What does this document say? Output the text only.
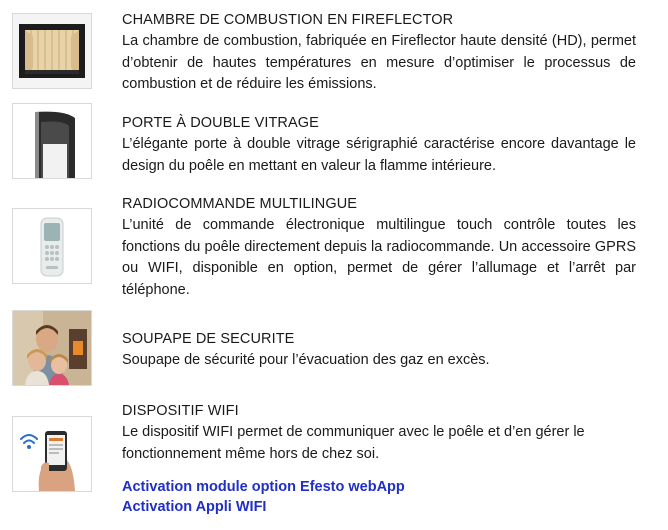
CHAMBRE DE COMBUSTION EN FIREFLECTOR
La chambre de combustion, fabriquée en Fireflector haute densité (HD), permet d’obtenir de hautes températures en mesure d’optimiser le processus de combustion et de réduire les émissions.
PORTE À DOUBLE VITRAGE
L’élégante porte à double vitrage sérigraphié caractérise encore davantage le design du poêle en mettant en valeur la flamme intérieure.
RADIOCOMMANDE MULTILINGUE
L’unité de commande électronique multilingue touch contrôle toutes les fonctions du poêle directement depuis la radiocommande. Un accessoire GPRS ou WIFI, disponible en option, permet de gérer l’allumage et l’arrêt par téléphone.
SOUPAPE DE SECURITE
Soupape de sécurité pour l’évacuation des gaz en excès.
DISPOSITIF WIFI
Le dispositif WIFI permet de communiquer avec le poêle et d’en gérer le fonctionnement même hors de chez soi.
Activation module option Efesto webApp
Activation Appli WIFI
